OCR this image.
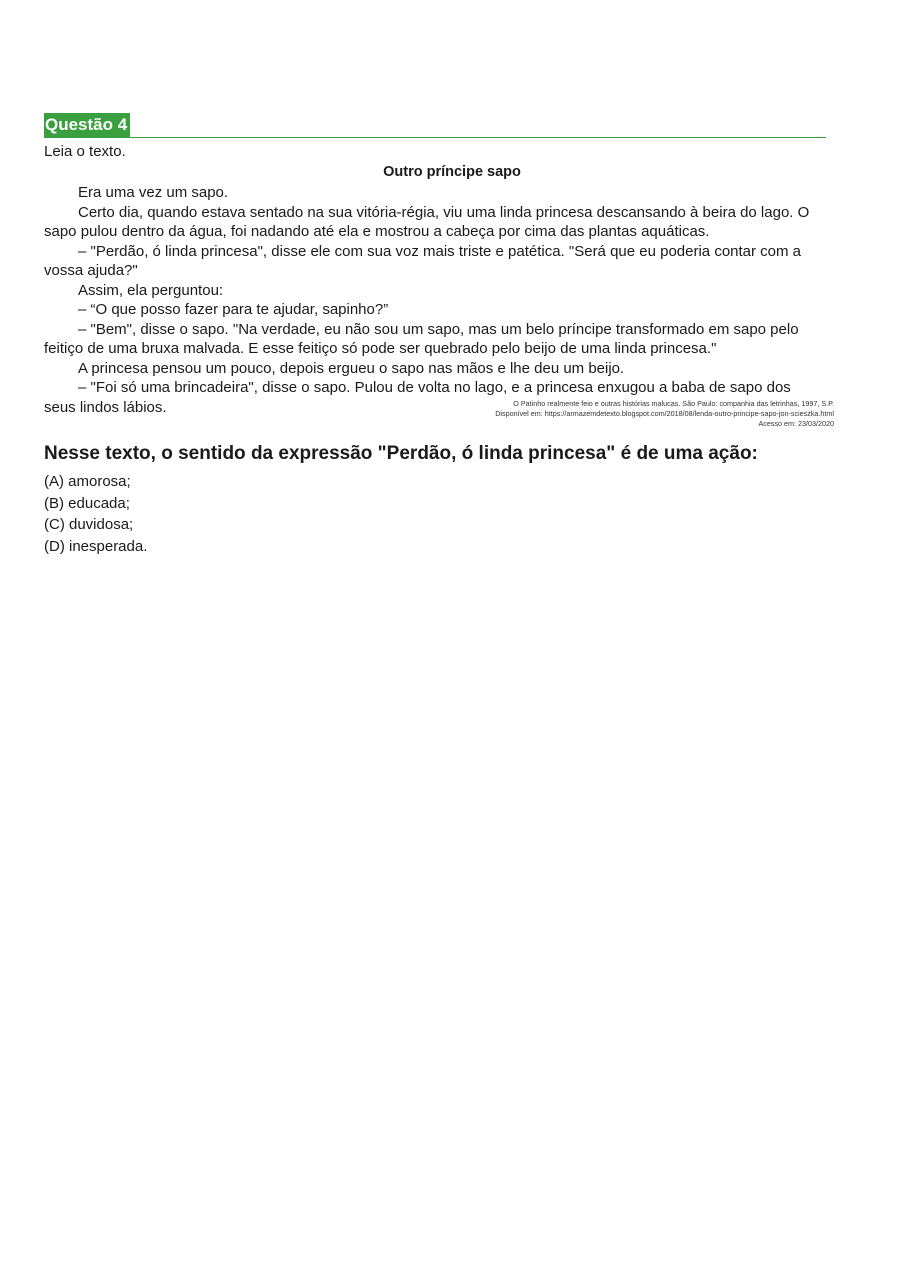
Questão 4
Leia o texto.
Outro príncipe sapo

Era uma vez um sapo.

Certo dia, quando estava sentado na sua vitória-régia, viu uma linda princesa descansando à beira do lago. O sapo pulou dentro da água, foi nadando até ela e mostrou a cabeça por cima das plantas aquáticas.

– "Perdão, ó linda princesa", disse ele com sua voz mais triste e patética. "Será que eu poderia contar com a vossa ajuda?"

Assim, ela perguntou:

– “O que posso fazer para te ajudar, sapinho?”

– "Bem", disse o sapo. "Na verdade, eu não sou um sapo, mas um belo príncipe transformado em sapo pelo feitiço de uma bruxa malvada. E esse feitiço só pode ser quebrado pelo beijo de uma linda princesa."

A princesa pensou um pouco, depois ergueu o sapo nas mãos e lhe deu um beijo.

– "Foi só uma brincadeira", disse o sapo. Pulou de volta no lago, e a princesa enxugou a baba de sapo dos seus lindos lábios.	O Patinho realmente feio e outras histórias malucas. São Paulo: companhia das letrinhas, 1997, S.P.
Disponível em: https://armazemdetexto.blogspot.com/2018/08/lenda-outro-principe-sapo-jon-scieszka.html
Acesso em: 23/03/2020
Nesse texto, o sentido da expressão "Perdão, ó linda princesa" é de uma ação:
(A) amorosa;
(B) educada;
(C) duvidosa;
(D) inesperada.
